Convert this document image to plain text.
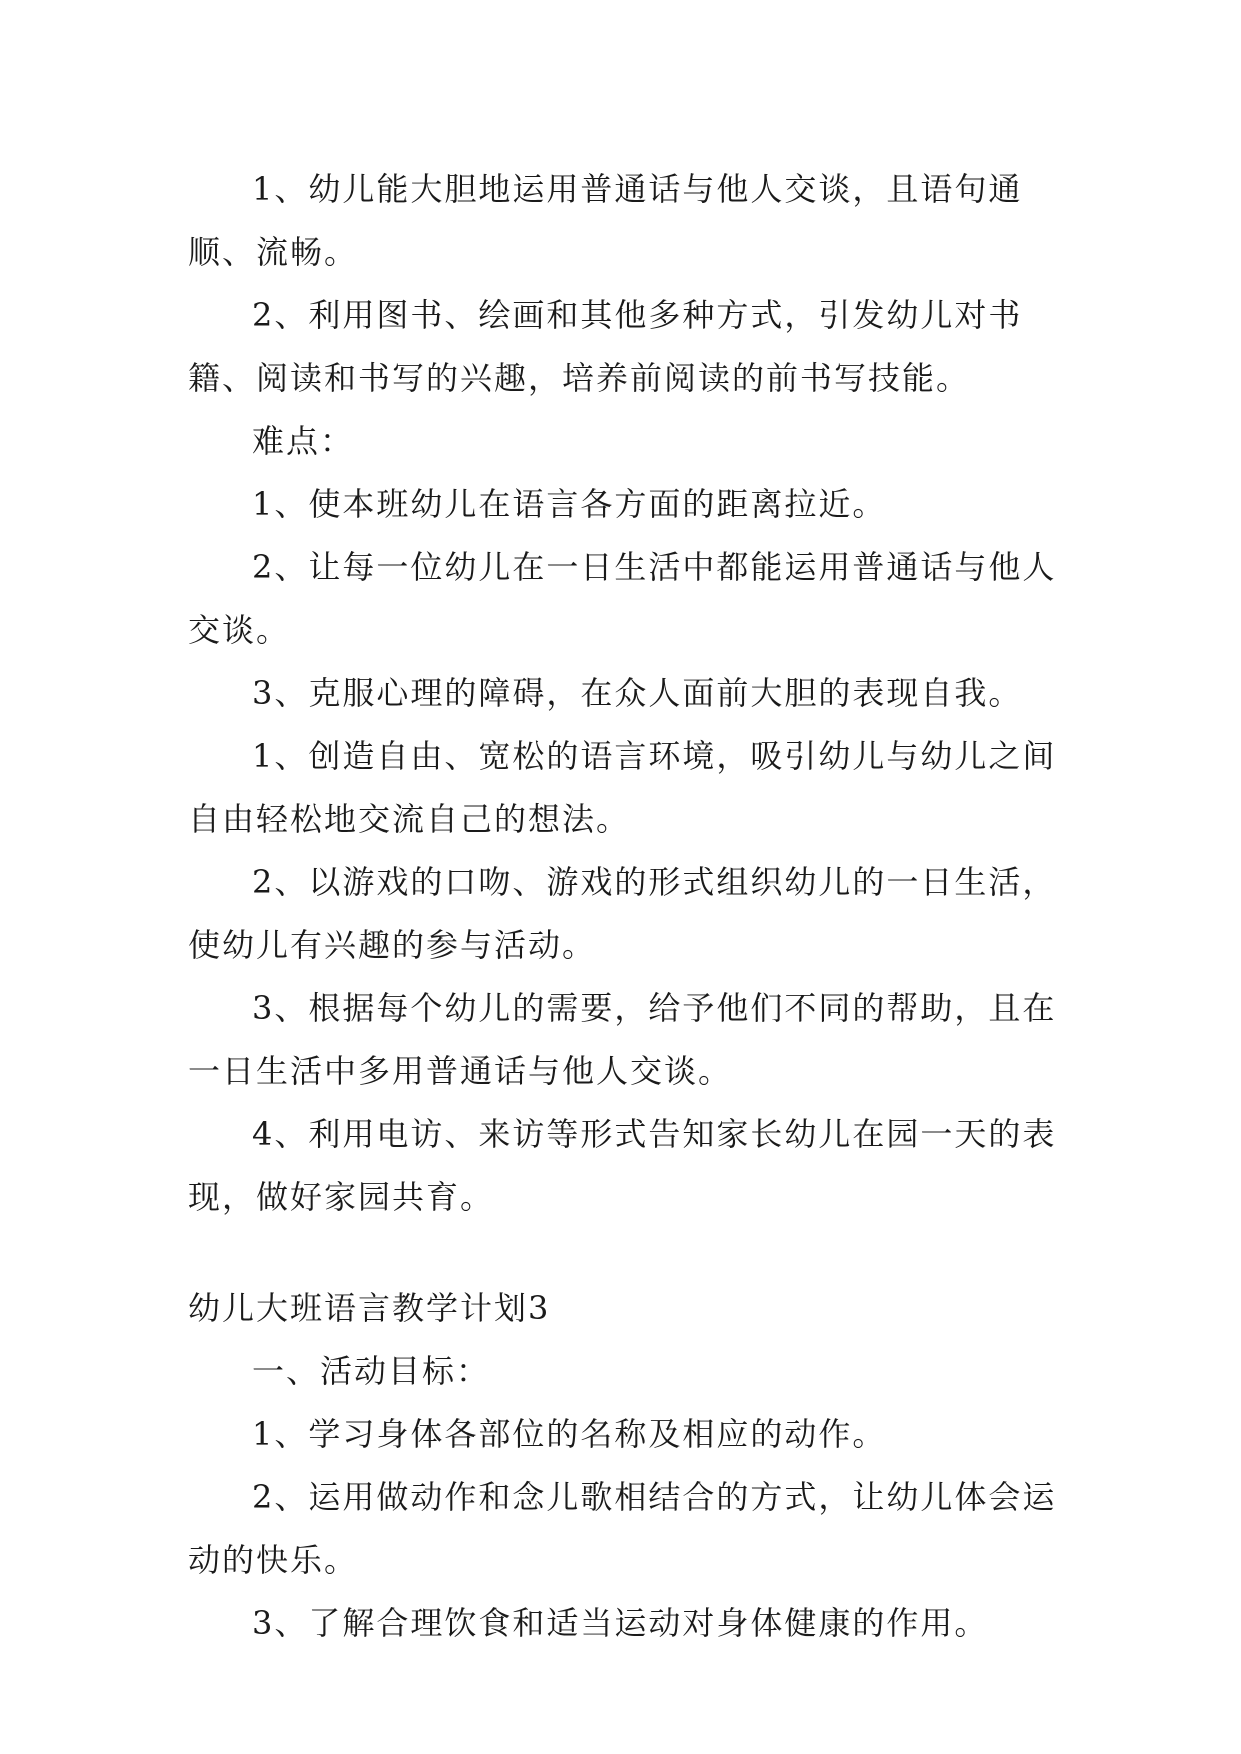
1、幼儿能大胆地运用普通话与他人交谈，且语句通顺、流畅。

2、利用图书、绘画和其他多种方式，引发幼儿对书籍、阅读和书写的兴趣，培养前阅读的前书写技能。

难点：

1、使本班幼儿在语言各方面的距离拉近。

2、让每一位幼儿在一日生活中都能运用普通话与他人交谈。

3、克服心理的障碍，在众人面前大胆的表现自我。

1、创造自由、宽松的语言环境，吸引幼儿与幼儿之间自由轻松地交流自己的想法。

2、以游戏的口吻、游戏的形式组织幼儿的一日生活，使幼儿有兴趣的参与活动。

3、根据每个幼儿的需要，给予他们不同的帮助，且在一日生活中多用普通话与他人交谈。

4、利用电访、来访等形式告知家长幼儿在园一天的表现，做好家园共育。

幼儿大班语言教学计划3

一、活动目标：

1、学习身体各部位的名称及相应的动作。

2、运用做动作和念儿歌相结合的方式，让幼儿体会运动的快乐。

3、了解合理饮食和适当运动对身体健康的作用。
